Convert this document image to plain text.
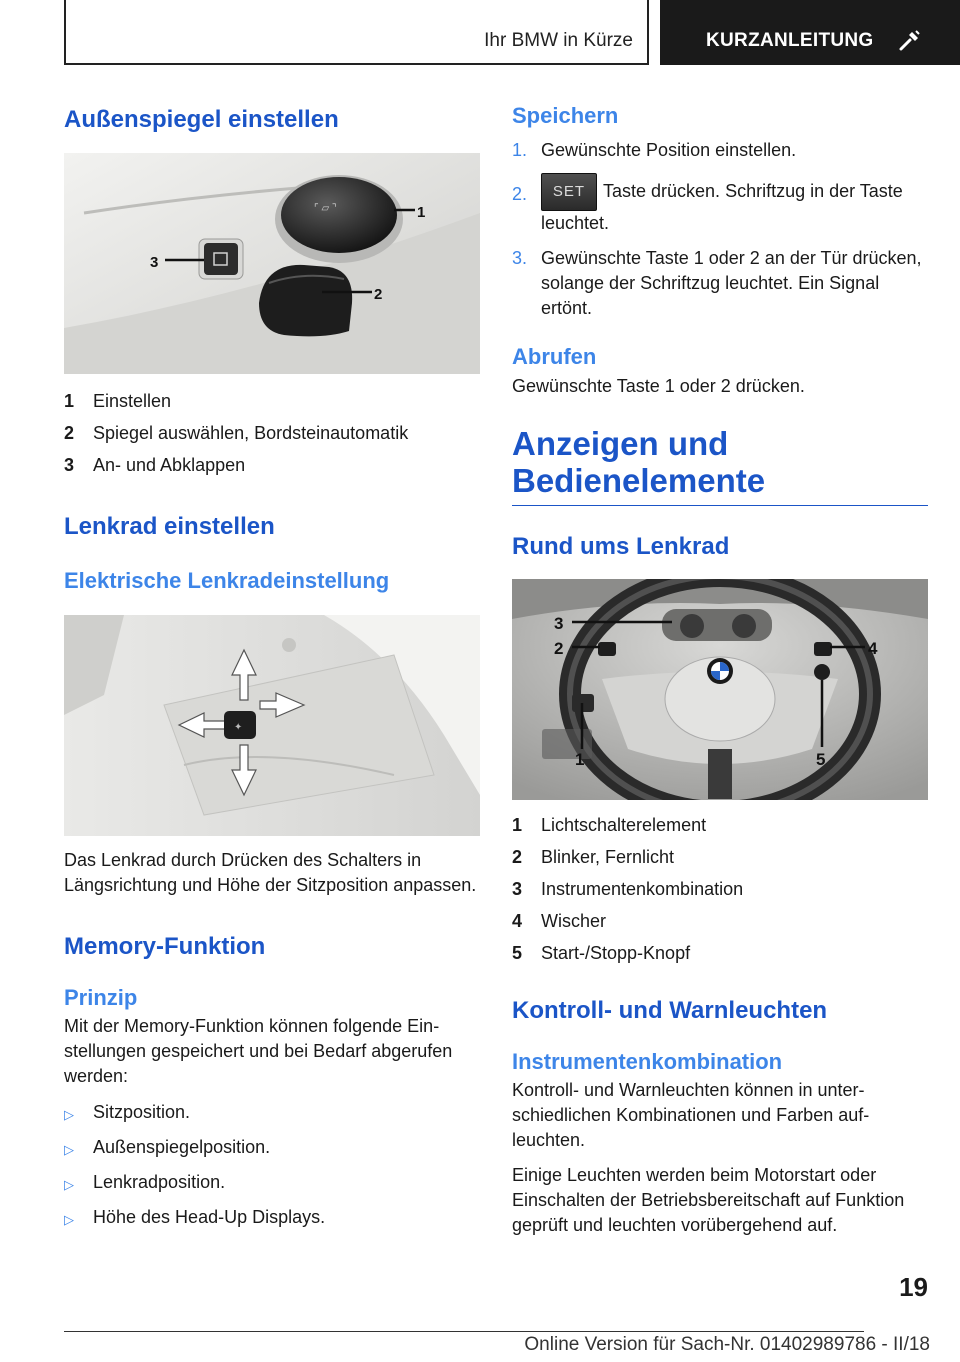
Ihr BMW in Kürze	KURZANLEITUNG
Außenspiegel einstellen
⌜ ▱ ⌝	1
2
3
1	Einstellen
2	Spiegel auswählen, Bordsteinautomatik
3	An- und Abklappen
Lenkrad einstellen
Elektrische Lenkradeinstellung
✦

Das Lenkrad durch Drücken des Schalters in Längsrichtung und Höhe der Sitzposition anpassen.

Memory-Funktion
Prinzip

Mit der Memory-Funktion können folgende Einstellungen gespeichert und bei Bedarf abgerufen werden:

▷	Sitzposition.
▷	Außenspiegelposition.
▷	Lenkradposition.
▷	Höhe des Head-Up Displays.
Speichern
1. Gewünschte Position einstellen.
2.	SET Taste drücken. Schriftzug in der Taste leuchtet.
3. Gewünschte Taste 1 oder 2 an der Tür drücken, solange der Schriftzug leuchtet. Ein Signal ertönt.
Abrufen

Gewünschte Taste 1 oder 2 drücken.

Anzeigen und
Bedienelemente
Rund ums Lenkrad
3
2	4
1	5
1	Lichtschalterelement
2	Blinker, Fernlicht
3	Instrumentenkombination
4	Wischer
5	Start-/Stopp-Knopf
Kontroll- und Warnleuchten
Instrumentenkombination

Kontroll- und Warnleuchten können in unterschiedlichen Kombinationen und Farben aufleuchten.

Einige Leuchten werden beim Motorstart oder Einschalten der Betriebsbereitschaft auf Funktion geprüft und leuchten vorübergehend auf.

19
Online Version für Sach-Nr. 01402989786 - II/18
